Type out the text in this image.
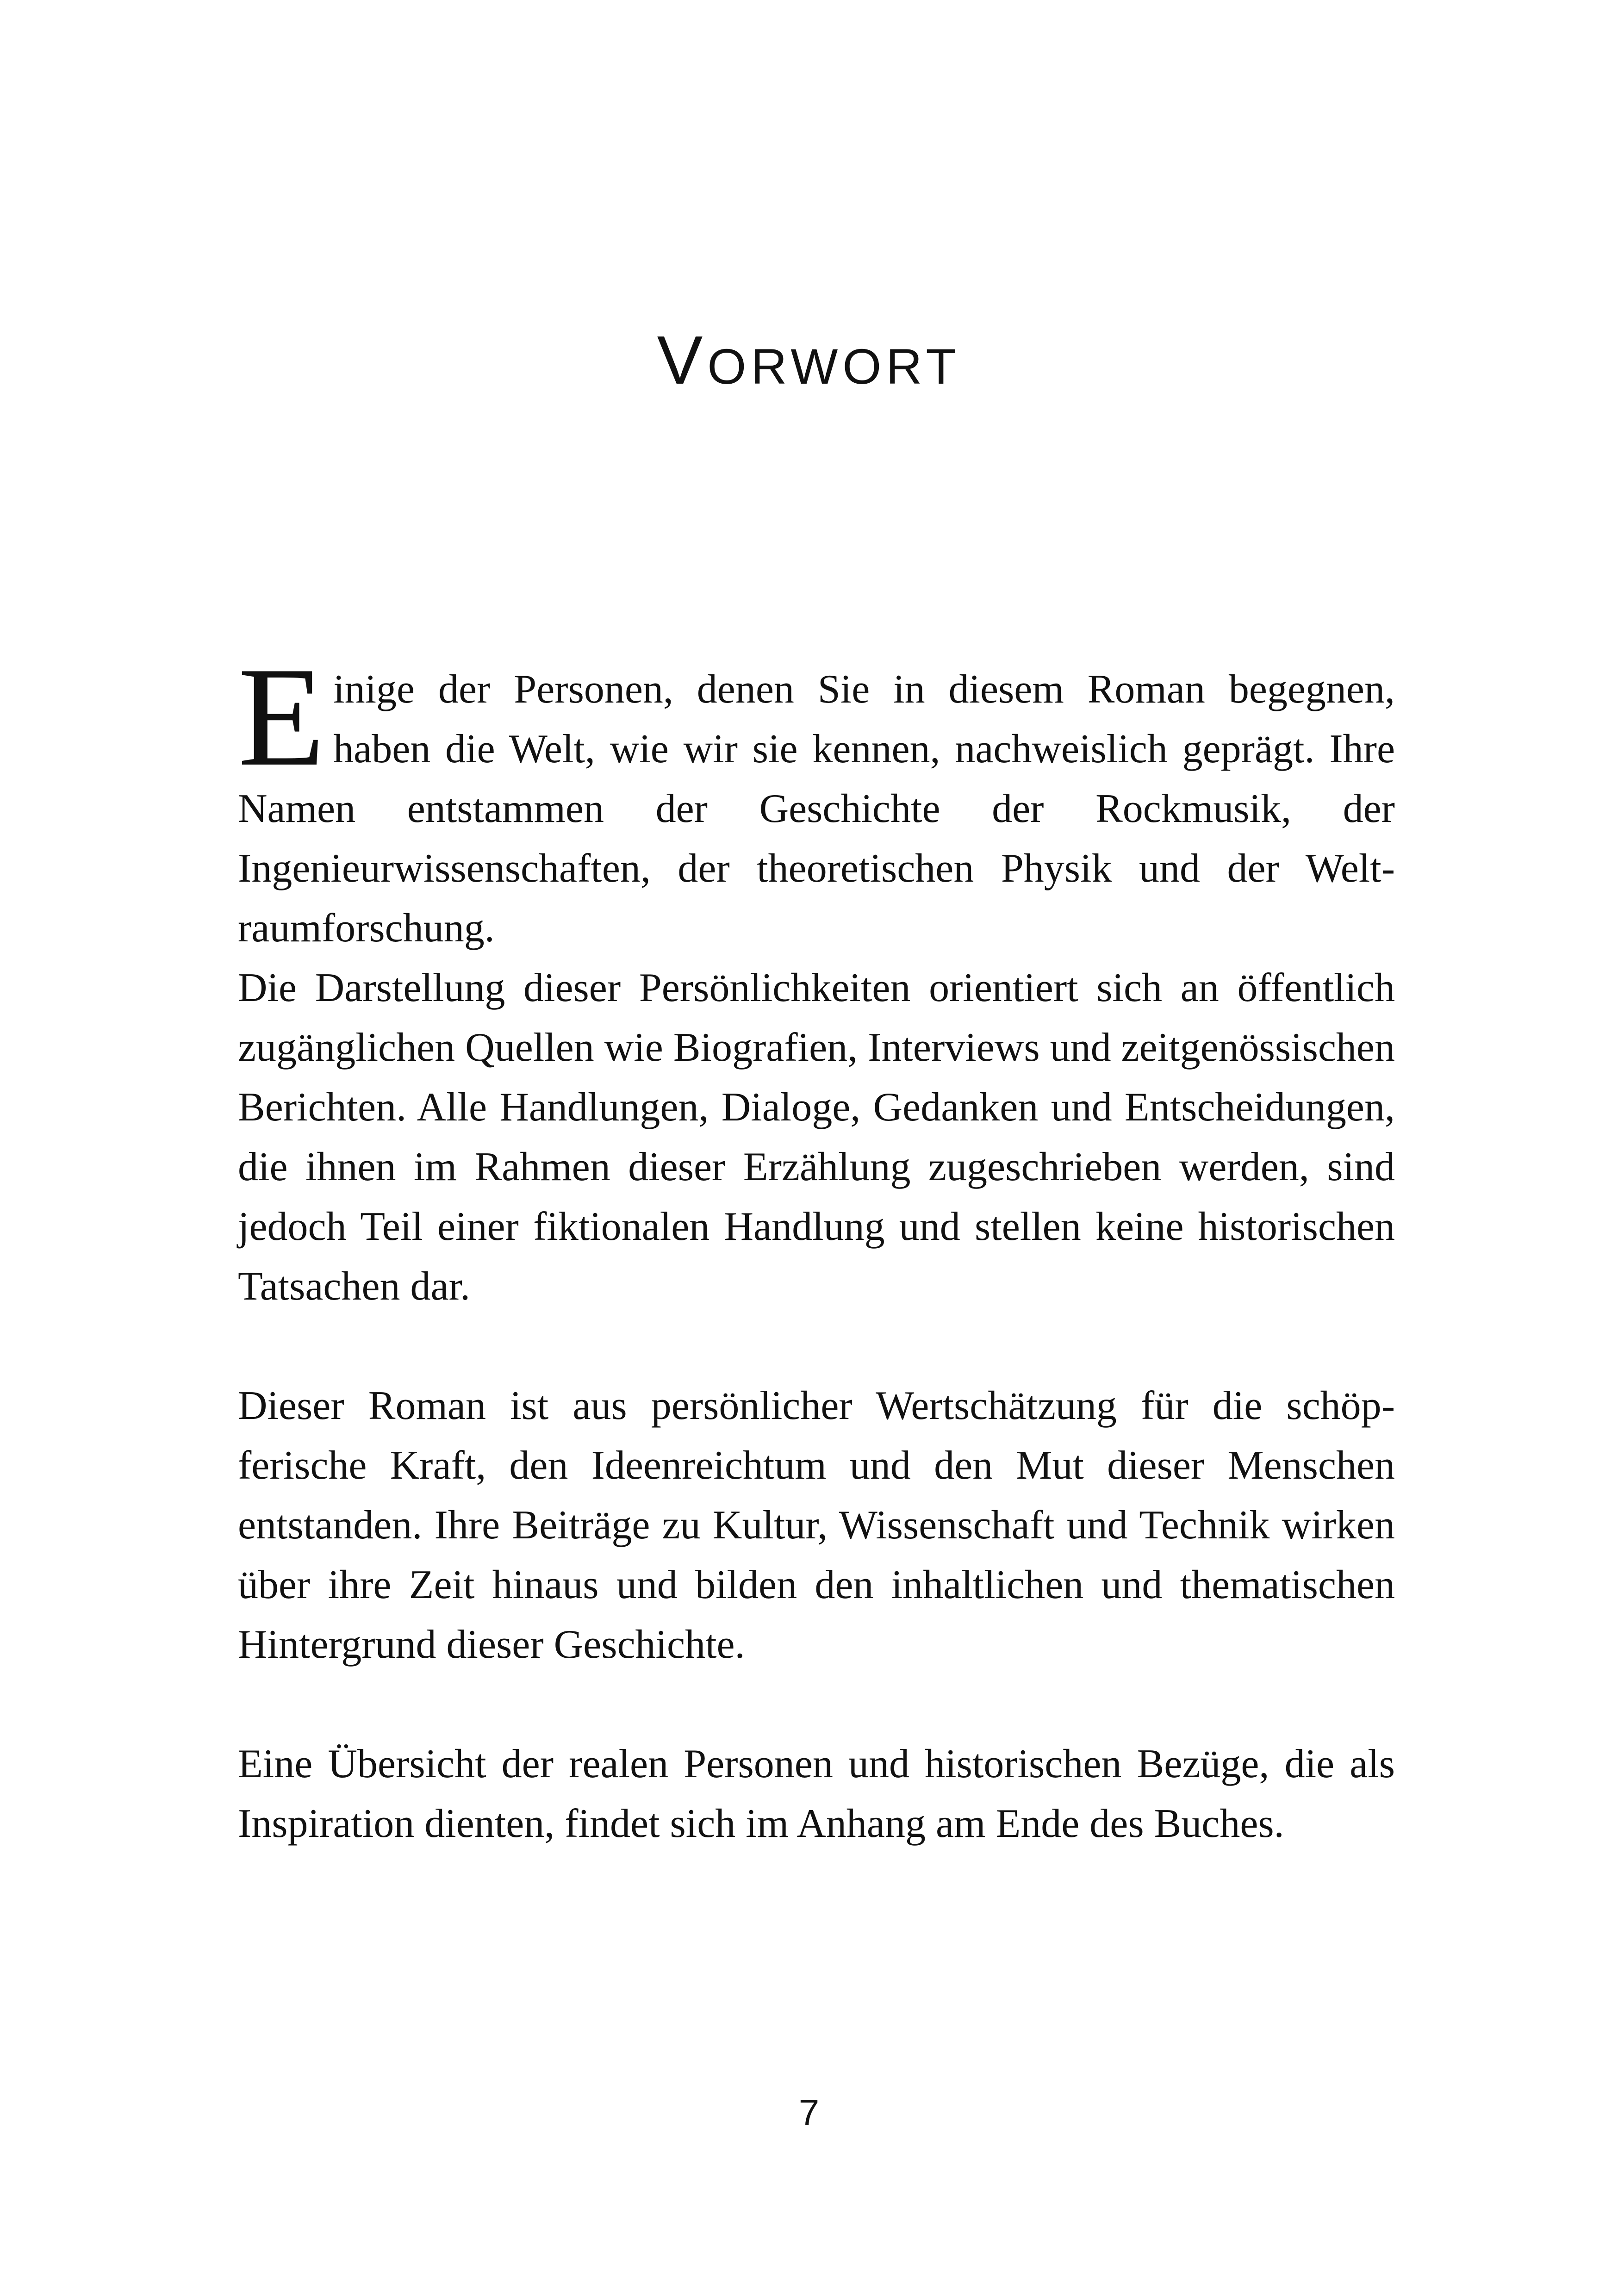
VORWORT

Einige der Personen, denen Sie in diesem Roman begegnen, haben die Welt, wie wir sie kennen, nachweislich geprägt. Ihre Namen entstammen der Geschichte der Rockmusik, der Ingenieurwissenschaften, der theoretischen Physik und der Weltraumforschung.

Die Darstellung dieser Persönlichkeiten orientiert sich an öffentlich zugänglichen Quellen wie Biografien, Interviews und zeitgenössischen Berichten. Alle Handlungen, Dialoge, Gedanken und Entscheidungen, die ihnen im Rahmen dieser Erzählung zugeschrieben werden, sind jedoch Teil einer fiktionalen Handlung und stellen keine historischen Tatsachen dar.

Dieser Roman ist aus persönlicher Wertschätzung für die schöpferische Kraft, den Ideenreichtum und den Mut dieser Menschen entstanden. Ihre Beiträge zu Kultur, Wissenschaft und Technik wirken über ihre Zeit hinaus und bilden den inhaltlichen und thematischen Hintergrund dieser Geschichte.

Eine Übersicht der realen Personen und historischen Bezüge, die als Inspiration dienten, findet sich im Anhang am Ende des Buches.

7
